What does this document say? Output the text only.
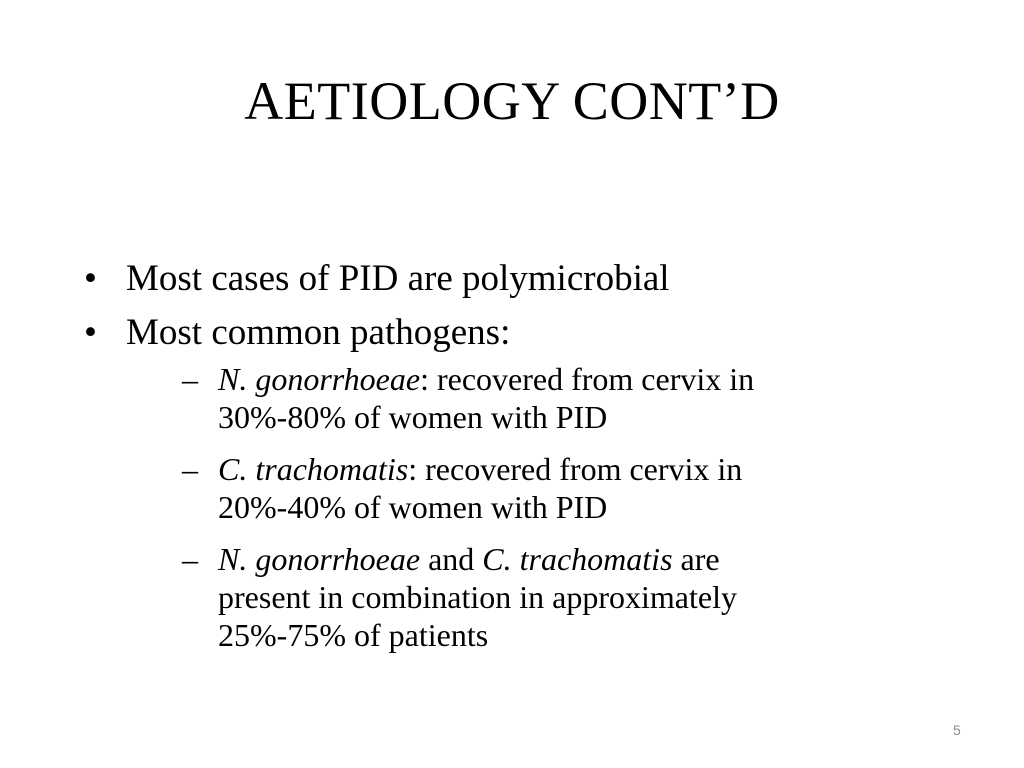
AETIOLOGY CONT’D
• Most cases of PID are polymicrobial
• Most common pathogens:
– N. gonorrhoeae: recovered from cervix in
30%-80% of women with PID
– C. trachomatis: recovered from cervix in
20%-40% of women with PID
– N. gonorrhoeae and C. trachomatis are
present in combination in approximately
25%-75% of patients
5
